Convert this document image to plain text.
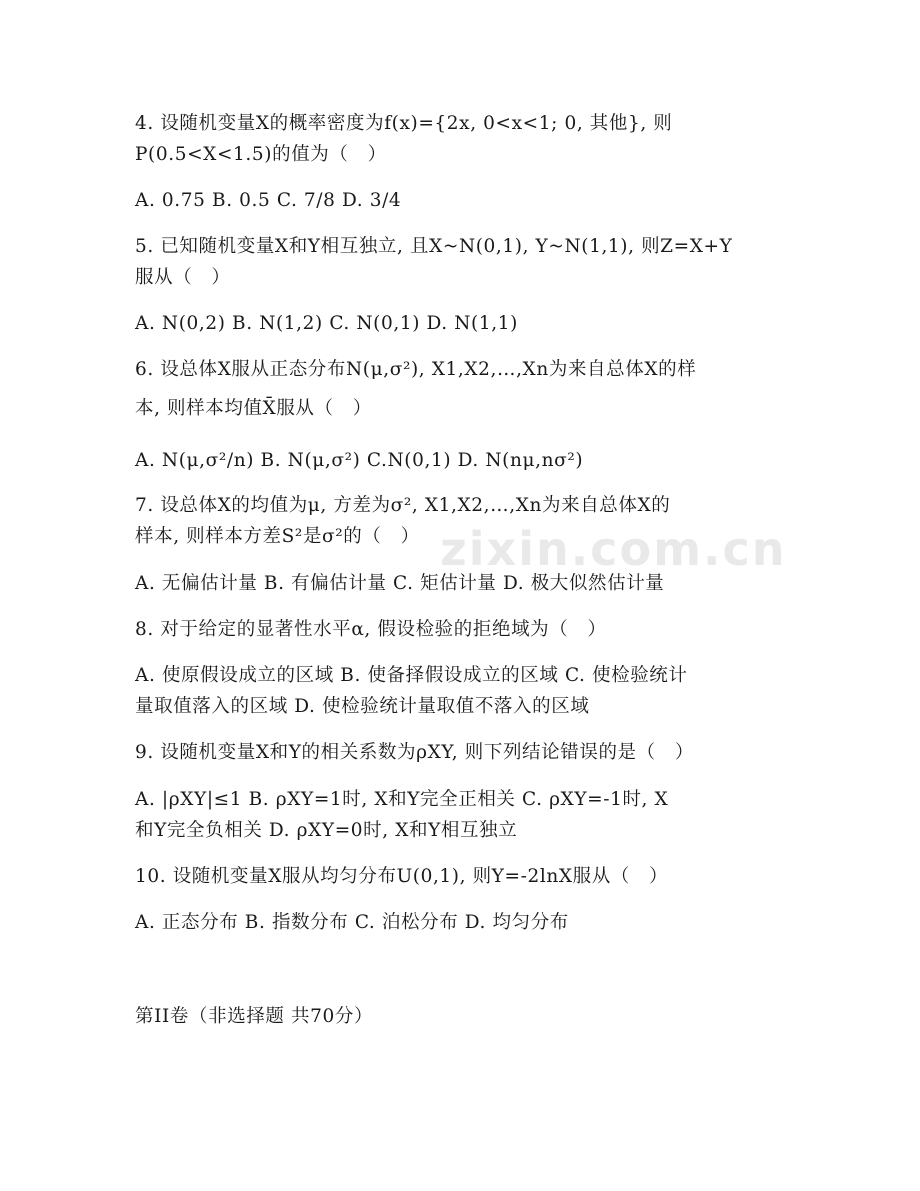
zixin.com.cn
4. 设随机变量X的概率密度为f(x)={2x, 0<x<1; 0, 其他}, 则
P(0.5<X<1.5)的值为（　）
A. 0.75 B. 0.5 C. 7/8 D. 3/4
5. 已知随机变量X和Y相互独立, 且X~N(0,1), Y~N(1,1), 则Z=X+Y
服从（　）
A. N(0,2) B. N(1,2) C. N(0,1) D. N(1,1)
6. 设总体X服从正态分布N(μ,σ²), X1,X2,…,Xn为来自总体X的样
本, 则样本均值X̄服从（　）
A. N(μ,σ²/n) B. N(μ,σ²) C.N(0,1) D. N(nμ,nσ²)
7. 设总体X的均值为μ, 方差为σ², X1,X2,…,Xn为来自总体X的
样本, 则样本方差S²是σ²的（　）
A. 无偏估计量 B. 有偏估计量 C. 矩估计量 D. 极大似然估计量
8. 对于给定的显著性水平α, 假设检验的拒绝域为（　）
A. 使原假设成立的区域 B. 使备择假设成立的区域 C. 使检验统计
量取值落入的区域 D. 使检验统计量取值不落入的区域
9. 设随机变量X和Y的相关系数为ρXY, 则下列结论错误的是（　）
A. |ρXY|≤1 B. ρXY=1时, X和Y完全正相关 C. ρXY=-1时, X
和Y完全负相关 D. ρXY=0时, X和Y相互独立
10. 设随机变量X服从均匀分布U(0,1), 则Y=-2lnX服从（　）
A. 正态分布 B. 指数分布 C. 泊松分布 D. 均匀分布
第II卷（非选择题 共70分）
